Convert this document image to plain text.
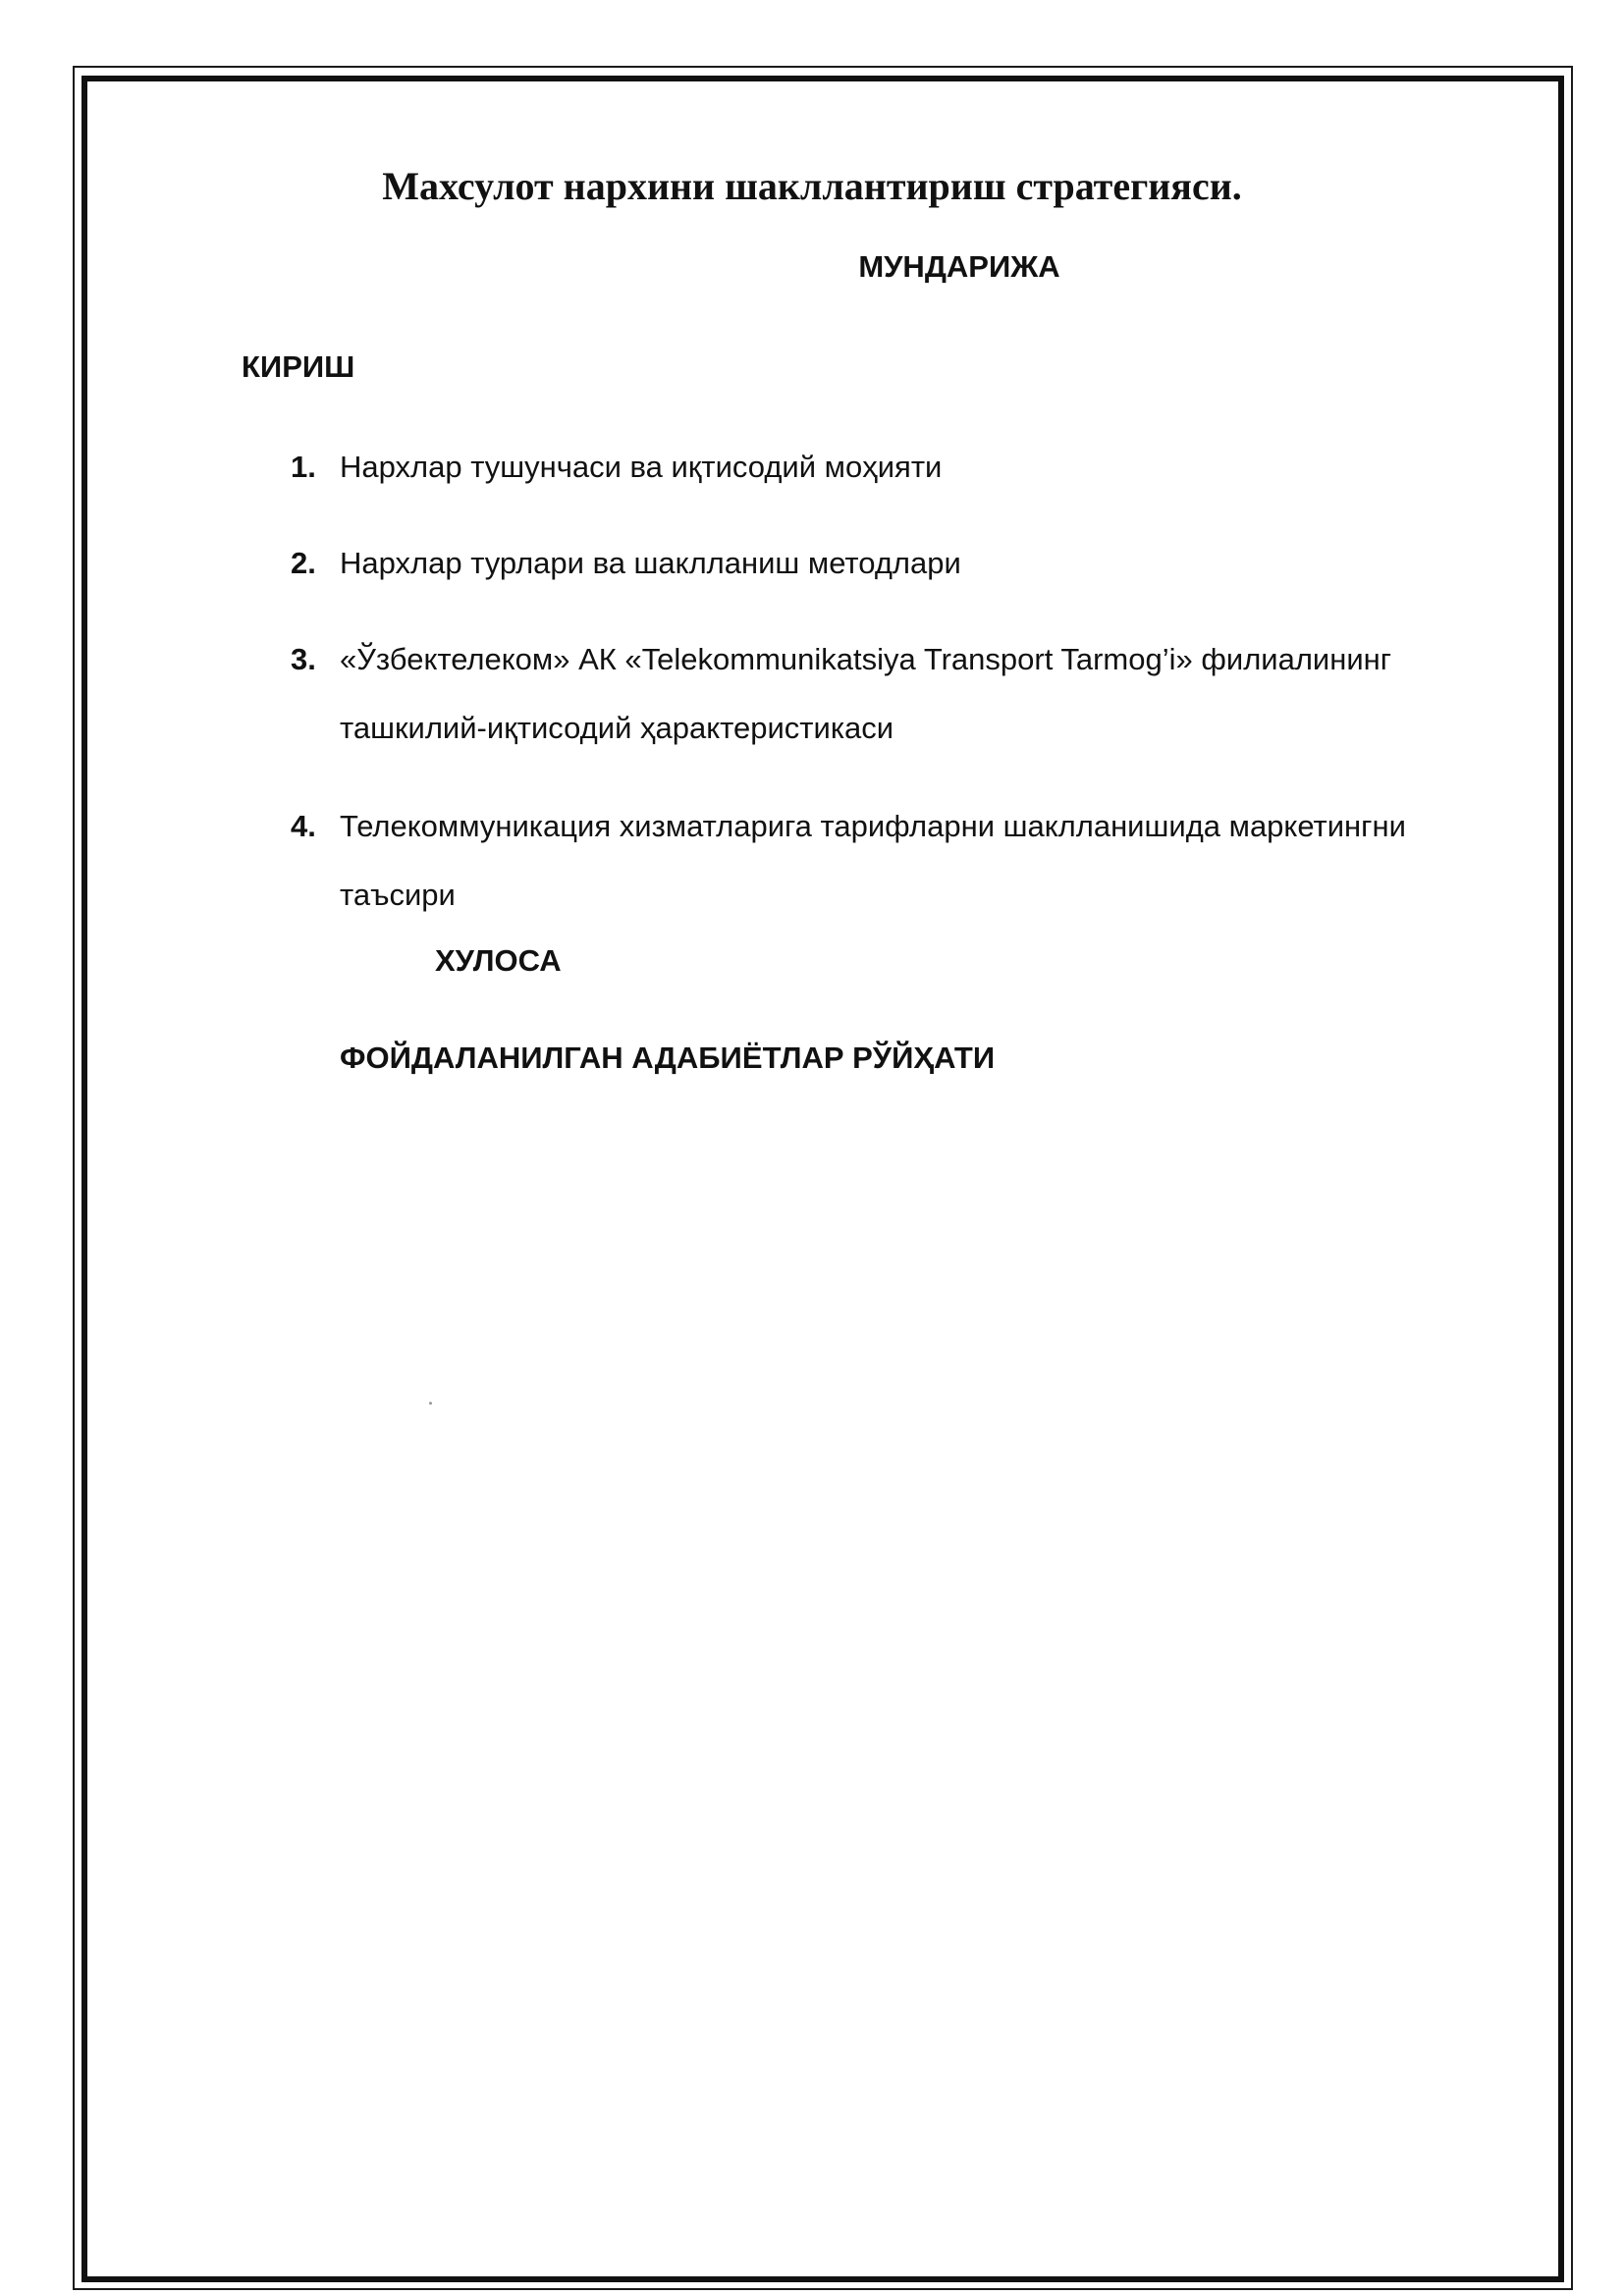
Махсулот нархини шакллантириш стратегияси.
МУНДАРИЖА
КИРИШ
1. Нархлар тушунчаси ва иқтисодий моҳияти
2. Нархлар турлари ва шаклланиш методлари
3. «Ўзбектелеком» АК «Telekommunikatsiya Transport Tarmog’i» филиалининг ташкилий-иқтисодий ҳарактеристикаси
4. Телекоммуникация хизматларига тарифларни шаклланишида маркетингни таъсири
ХУЛОСА
ФОЙДАЛАНИЛГАН АДАБИЁТЛАР РЎЙҲАТИ
